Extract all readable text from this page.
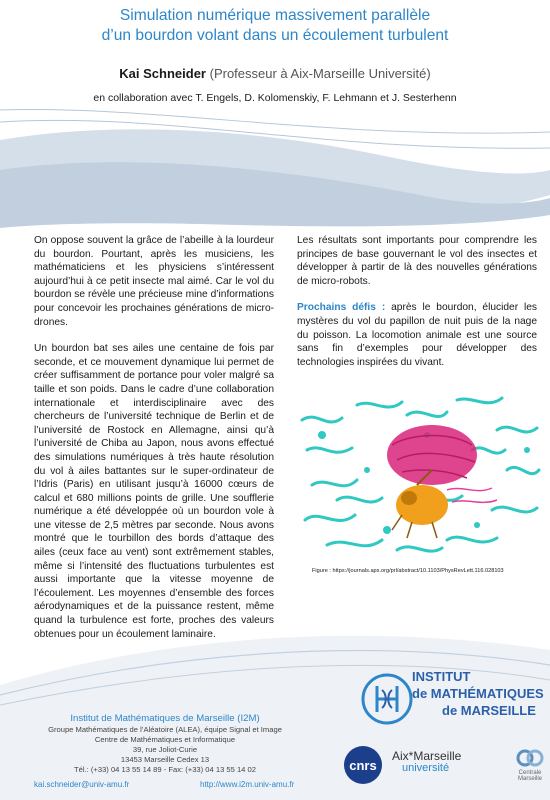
Simulation numérique massivement parallèle
d’un bourdon volant dans un écoulement turbulent
Kai Schneider (Professeur à Aix-Marseille Université)
en collaboration avec T. Engels, D. Kolomenskiy, F. Lehmann et J. Sesterhenn

On oppose souvent la grâce de l’abeille à la lourdeur du bourdon. Pourtant, après les musiciens, les mathématiciens et les physiciens s’intéressent aujourd’hui à ce petit insecte mal aimé. Car le vol du bourdon se révèle une précieuse mine d’informations pour concevoir les prochaines générations de micro-drones.

Un bourdon bat ses ailes une centaine de fois par seconde, et ce mouvement dynamique lui permet de créer suffisamment de portance pour voler malgré sa taille et son poids. Dans le cadre d’une collaboration internationale et interdisciplinaire avec des chercheurs de l’université technique de Berlin et de l’université de Rostock en Allemagne, ainsi qu’à l’université de Chiba au Japon, nous avons effectué des simulations numériques à très haute résolution du vol à ailes battantes sur le super-ordinateur de l’Idris (Paris) en utilisant jusqu’à 16000 cœurs de calcul et 680 millions points de grille. Une soufflerie numérique a été développée où un bourdon vole à une vitesse de 2,5 mètres par seconde. Nous avons montré que le tourbillon des bords d’attaque des ailes (ceux face au vent) sont extrêmement stables, même si l’intensité des fluctuations turbulentes est aussi importante que la vitesse moyenne de l’écoulement. Les moyennes d’ensemble des forces aérodynamiques et de la puissance restent, même quand la turbulence est forte, proches des valeurs obtenues pour un écoulement laminaire.

Les résultats sont importants pour comprendre les principes de base gouvernant le vol des insectes et développer à partir de là des nouvelles générations de micro-robots.

Prochains défis : après le bourdon, élucider les mystères du vol du papillon de nuit puis de la nage du poisson. La locomotion animale est une source sans fin d’exemples pour développer des technologies inspirées du vivant.

Figure : https://journals.aps.org/prl/abstract/10.1103/PhysRevLett.116.028103
Institut de Mathématiques de Marseille (I2M)
Groupe Mathématiques de l’Aléatoire (ALEA), équipe Signal et Image
Centre de Mathématiques et Informatique
39, rue Joliot-Curie
13453 Marseille Cedex 13
Tél.: (+33) 04 13 55 14 89 - Fax: (+33) 04 13 55 14 02
kai.schneider@univ-amu.fr	http://www.i2m.univ-amu.fr
INSTITUT
de MATHÉMATIQUES
de MARSEILLE
cnrs
Aix*Marseille
université	Centrale Marseille
